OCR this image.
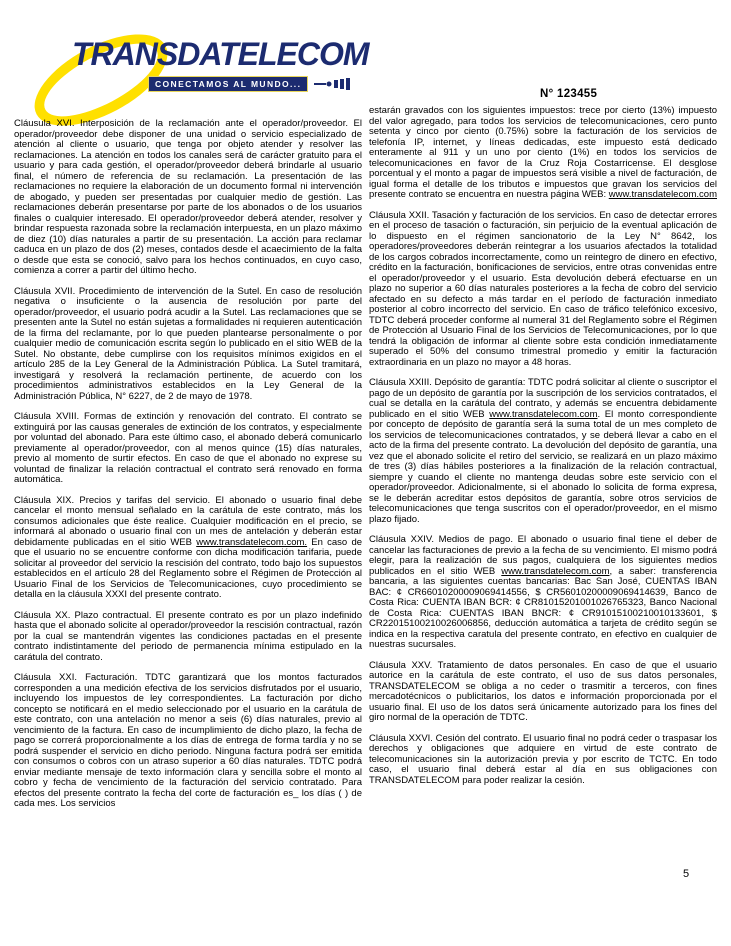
TRANSDATELECOM
CONECTAMOS AL MUNDO...
N° 123455

Cláusula XVI. Interposición de la reclamación ante el operador/proveedor. El operador/proveedor debe disponer de una unidad o servicio especializado de atención al cliente o usuario, que tenga por objeto atender y resolver las reclamaciones. La atención en todos los canales será de carácter gratuito para el usuario y para cada gestión, el operador/proveedor deberá brindarle al usuario final, el número de referencia de su reclamación. La presentación de las reclamaciones no requiere la elaboración de un documento formal ni intervención de abogado, y pueden ser presentadas por cualquier medio de gestión. Las reclamaciones deberán presentarse por parte de los abonados o de los usuarios finales o cualquier interesado. El operador/proveedor deberá atender, resolver y brindar respuesta razonada sobre la reclamación interpuesta, en un plazo máximo de diez (10) días naturales a partir de su presentación. La acción para reclamar caduca en un plazo de dos (2) meses, contados desde el acaecimiento de la falta o desde que esta se conoció, salvo para los hechos continuados, en cuyo caso, comienza a correr a partir del último hecho.

Cláusula XVII. Procedimiento de intervención de la Sutel. En caso de resolución negativa o insuficiente o la ausencia de resolución por parte del operador/proveedor, el usuario podrá acudir a la Sutel. Las reclamaciones que se presenten ante la Sutel no están sujetas a formalidades ni requieren autenticación de la firma del reclamante, por lo que pueden plantearse personalmente o por cualquier medio de comunicación escrita según lo publicado en el sitio WEB de la Sutel. No obstante, debe cumplirse con los requisitos mínimos exigidos en el artículo 285 de la Ley General de la Administración Pública. La Sutel tramitará, investigará y resolverá la reclamación pertinente, de acuerdo con los procedimientos administrativos establecidos en la Ley General de la Administración Pública, N° 6227, de 2 de mayo de 1978.

Cláusula XVIII. Formas de extinción y renovación del contrato. El contrato se extinguirá por las causas generales de extinción de los contratos, y especialmente por voluntad del abonado. Para este último caso, el abonado deberá comunicarlo previamente al operador/proveedor, con al menos quince (15) días naturales, previo al momento de surtir efectos. En caso de que el abonado no exprese su voluntad de finalizar la relación contractual el contrato será renovado en forma automática.

Cláusula XIX. Precios y tarifas del servicio. El abonado o usuario final debe cancelar el monto mensual señalado en la carátula de este contrato, más los consumos adicionales que éste realice. Cualquier modificación en el precio, se informará al abonado o usuario final con un mes de antelación y deberán estar debidamente publicadas en el sitio WEB www.transdatelecom.com. En caso de que el usuario no se encuentre conforme con dicha modificación tarifaria, puede solicitar al proveedor del servicio la rescisión del contrato, todo bajo los supuestos establecidos en el artículo 28 del Reglamento sobre el Régimen de Protección al Usuario Final de los Servicios de Telecomunicaciones, cuyo procedimiento se detalla en la cláusula XXXI del presente contrato.

Cláusula XX. Plazo contractual. El presente contrato es por un plazo indefinido hasta que el abonado solicite al operador/proveedor la rescisión contractual, razón por la cual se mantendrán vigentes las condiciones pactadas en el presente contrato indistintamente del periodo de permanencia mínima estipulado en la carátula del contrato.

Cláusula XXI. Facturación. TDTC garantizará que los montos facturados corresponden a una medición efectiva de los servicios disfrutados por el usuario, incluyendo los impuestos de ley correspondientes. La facturación por dicho concepto se notificará en el medio seleccionado por el usuario en la carátula de este contrato, con una antelación no menor a seis (6) días naturales, previo al vencimiento de la factura. En caso de incumplimiento de dicho plazo, la fecha de pago se correrá proporcionalmente a los días de entrega de forma tardía y no se podrá suspender el servicio en dicho periodo. Ninguna factura podrá ser emitida con consumos o cobros con un atraso superior a 60 días naturales. TDTC podrá enviar mediante mensaje de texto información clara y sencilla sobre el monto al cobro y fecha de vencimiento de la facturación del servicio contratado. Para efectos del presente contrato la fecha del corte de facturación es_ los días ( ) de cada mes. Los servicios

estarán gravados con los siguientes impuestos: trece por cierto (13%) impuesto del valor agregado, para todos los servicios de telecomunicaciones, cero punto setenta y cinco por ciento (0.75%) sobre la facturación de los servicios de telefonía IP, internet, y líneas dedicadas, este impuesto está dedicado enteramente al 911 y un uno por ciento (1%) en todos los servicios de telecomunicaciones en favor de la Cruz Roja Costarricense. El desglose porcentual y el monto a pagar de impuestos será visible a nivel de facturación, de igual forma el detalle de los tributos e impuestos que gravan los servicios del presente contrato se encuentra en nuestra página WEB: www.transdatelecom.com

Cláusula XXII. Tasación y facturación de los servicios. En caso de detectar errores en el proceso de tasación o facturación, sin perjuicio de la eventual aplicación de lo dispuesto en el régimen sancionatorio de la Ley N° 8642, los operadores/proveedores deberán reintegrar a los usuarios afectados la totalidad de los cargos cobrados incorrectamente, como un reintegro de dinero en efectivo, crédito en la facturación, bonificaciones de servicios, entre otras convenidas entre el operador/proveedor y el usuario. Esta devolución deberá efectuarse en un plazo no superior a 60 días naturales posteriores a la fecha de cobro del servicio afectado en su defecto a más tardar en el período de facturación inmediato posterior al cobro incorrecto del servicio. En caso de tráfico telefónico excesivo, TDTC deberá proceder conforme al numeral 31 del Reglamento sobre el Régimen de Protección al Usuario Final de los Servicios de Telecomunicaciones, por lo que tendrá la obligación de informar al cliente sobre esta condición inmediatamente superado el 50% del consumo trimestral promedio y emitir la facturación extraordinaria en un plazo no mayor a 48 horas.

Cláusula XXIII. Depósito de garantía: TDTC podrá solicitar al cliente o suscriptor el pago de un depósito de garantía por la suscripción de los servicios contratados, el cual se detalla en la carátula del contrato, y además se encuentra debidamente publicado en el sitio WEB www.transdatelecom.com. El monto correspondiente por concepto de depósito de garantía será la suma total de un mes completo de los servicios de telecomunicaciones contratados, y se deberá llevar a cabo en el acto de la firma del presente contrato. La devolución del depósito de garantía, una vez que el abonado solicite el retiro del servicio, se realizará en un plazo máximo de tres (3) días hábiles posteriores a la finalización de la relación contractual, siempre y cuando el cliente no mantenga deudas sobre este servicio con el operador/proveedor. Adicionalmente, si el abonado lo solicita de forma expresa, se le deberán acreditar estos depósitos de garantía, sobre otros servicios de telecomunicaciones que tenga suscritos con el operador/proveedor, en el mismo plazo fijado.

Cláusula XXIV. Medios de pago. El abonado o usuario final tiene el deber de cancelar las facturaciones de previo a la fecha de su vencimiento. El mismo podrá elegir, para la realización de sus pagos, cualquiera de los siguientes medios publicados en el sitio WEB www.transdatelecom.com, a saber: transferencia bancaria, a las siguientes cuentas bancarias: Bac San José, CUENTAS IBAN BAC: ¢ CR66010200009069414556, $ CR56010200009069414639, Banco de Costa Rica: CUENTA IBAN BCR: ¢ CR81015201001026765323, Banco Nacional de Costa Rica: CUENTAS IBAN BNCR: ¢ CR91015100210010133601, $ CR22015100210026006856, deducción automática a tarjeta de crédito según se indica en la respectiva caratula del presente contrato, en efectivo en cualquier de nuestras sucursales.

Cláusula XXV. Tratamiento de datos personales. En caso de que el usuario autorice en la carátula de este contrato, el uso de sus datos personales, TRANSDATELECOM se obliga a no ceder o trasmitir a terceros, con fines mercadotécnicos o publicitarios, los datos e información proporcionada por el usuario final. El uso de los datos será únicamente autorizado para los fines del giro normal de la operación de TDTC.

Cláusula XXVI. Cesión del contrato. El usuario final no podrá ceder o traspasar los derechos y obligaciones que adquiere en virtud de este contrato de telecomunicaciones sin la autorización previa y por escrito de TCTC. En todo caso, el usuario final deberá estar al día en sus obligaciones con TRANSDATELECOM para poder realizar la cesión.

5
